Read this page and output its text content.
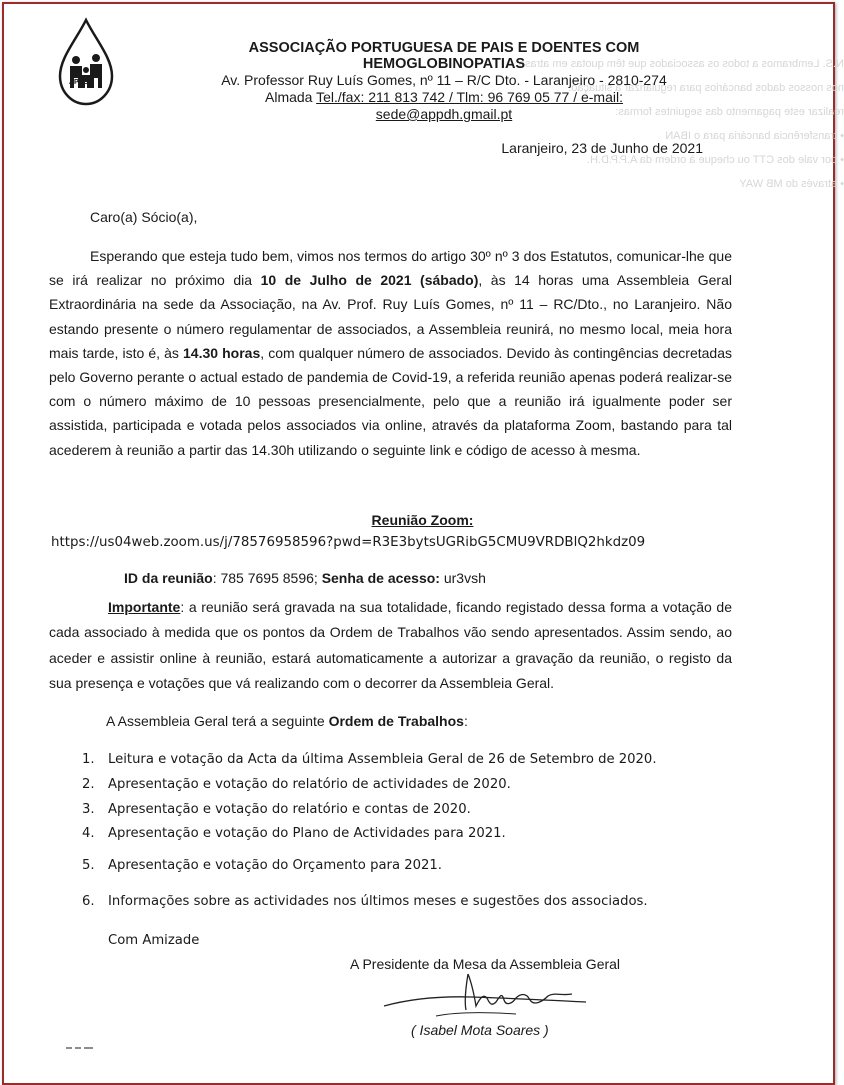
N.S. Lembramos a todos os associados que têm quotas em atraso.
nos nossos dados bancários para regularizar a situação.
realizar este pagamento das seguintes formas:
• transferência bancária para o IBAN
• por vale dos CTT ou cheque à ordem da A.P.P.D.H.
• através do MB WAY
APPDH
ASSOCIAÇÃO PORTUGUESA DE PAIS E DOENTES COM
HEMOGLOBINOPATIAS
Av. Professor Ruy Luís Gomes, nº 11 – R/C Dto. - Laranjeiro - 2810-274
Almada Tel./fax: 211 813 742 / Tlm: 96 769 05 77 / e-mail:
sede@appdh.gmail.pt
Laranjeiro, 23 de Junho de 2021
Caro(a) Sócio(a),
Esperando que esteja tudo bem, vimos nos termos do artigo 30º nº 3 dos Estatutos, comunicar-lhe que se irá realizar no próximo dia 10 de Julho de 2021 (sábado), às 14 horas uma Assembleia Geral Extraordinária na sede da Associação, na Av. Prof. Ruy Luís Gomes, nº 11 – RC/Dto., no Laranjeiro. Não estando presente o número regulamentar de associados, a Assembleia reunirá, no mesmo local, meia hora mais tarde, isto é, às 14.30 horas, com qualquer número de associados. Devido às contingências decretadas pelo Governo perante o actual estado de pandemia de Covid-19, a referida reunião apenas poderá realizar-se com o número máximo de 10 pessoas presencialmente, pelo que a reunião irá igualmente poder ser assistida, participada e votada pelos associados via online, através da plataforma Zoom, bastando para tal acederem à reunião a partir das 14.30h utilizando o seguinte link e código de acesso à mesma.
Reunião Zoom:
https://us04web.zoom.us/j/78576958596?pwd=R3E3bytsUGRibG5CMU9VRDBlQ2hkdz09
ID da reunião: 785 7695 8596; Senha de acesso: ur3vsh
Importante: a reunião será gravada na sua totalidade, ficando registado dessa forma a votação de cada associado à medida que os pontos da Ordem de Trabalhos vão sendo apresentados. Assim sendo, ao aceder e assistir online à reunião, estará automaticamente a autorizar a gravação da reunião, o registo da sua presença e votações que vá realizando com o decorrer da Assembleia Geral.
A Assembleia Geral terá a seguinte Ordem de Trabalhos:
1. Leitura e votação da Acta da última Assembleia Geral de 26 de Setembro de 2020.
2. Apresentação e votação do relatório de actividades de 2020.
3. Apresentação e votação do relatório e contas de 2020.
4. Apresentação e votação do Plano de Actividades para 2021.
5. Apresentação e votação do Orçamento para 2021.
6. Informações sobre as actividades nos últimos meses e sugestões dos associados.
Com Amizade
A Presidente da Mesa da Assembleia Geral
( Isabel Mota Soares )
